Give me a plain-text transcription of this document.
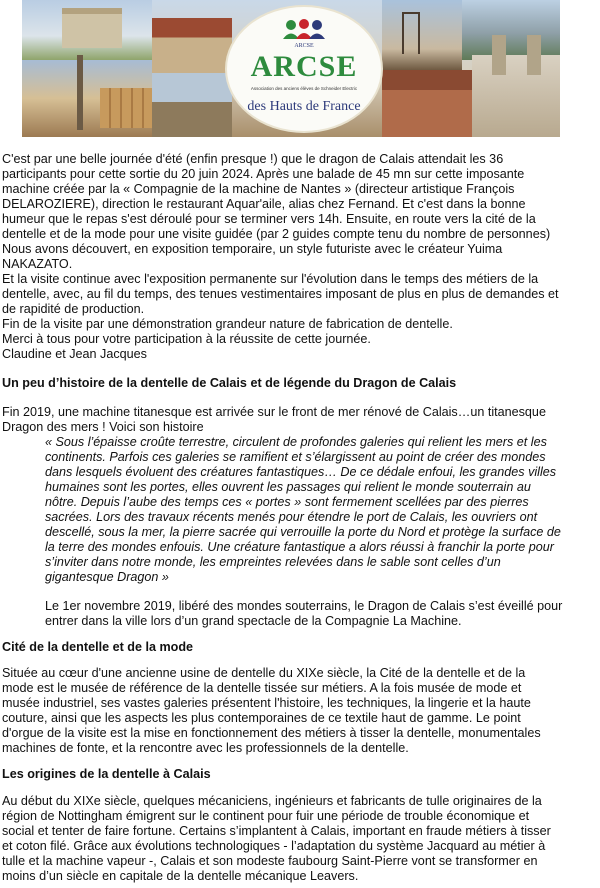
ARCSE
ARCSE
Association des anciens élèves de Schneider Electric
des Hauts de France
C'est par une belle journée d'été (enfin presque !) que le dragon de Calais attendait les 36
participants pour cette sortie du 20 juin 2024. Après une balade de 45 mn sur cette imposante
machine créée par la « Compagnie de la machine de Nantes » (directeur artistique François
DELAROZIERE), direction le restaurant Aquar'aile, alias chez Fernand. Et c'est dans la bonne
humeur que le repas s'est déroulé pour se terminer vers 14h. Ensuite, en route vers la cité de la
dentelle et de la mode pour une visite guidée (par 2 guides compte tenu du nombre de personnes)
Nous avons découvert, en exposition temporaire, un style futuriste avec le créateur Yuima
NAKAZATO.
Et la visite continue avec l'exposition permanente sur l'évolution dans le temps des métiers de la
dentelle, avec, au fil du temps, des tenues vestimentaires imposant de plus en plus de demandes et
de rapidité de production.
Fin de la visite par une démonstration grandeur nature de fabrication de dentelle.
Merci à tous pour votre participation à la réussite de cette journée.
Claudine et Jean Jacques
Un peu d’histoire de la dentelle de Calais et de légende du Dragon de Calais
Fin 2019, une machine titanesque est arrivée sur le front de mer rénové de Calais…un titanesque
Dragon des mers ! Voici son histoire
« Sous l’épaisse croûte terrestre, circulent de profondes galeries qui relient les mers et les
continents. Parfois ces galeries se ramifient et s’élargissent au point de créer des mondes
dans lesquels évoluent des créatures fantastiques… De ce dédale enfoui, les grandes villes
humaines sont les portes, elles ouvrent les passages qui relient le monde souterrain au
nôtre. Depuis l’aube des temps ces « portes » sont fermement scellées par des pierres
sacrées. Lors des travaux récents menés pour étendre le port de Calais, les ouvriers ont
descellé, sous la mer, la pierre sacrée qui verrouille la porte du Nord et protège la surface de
la terre des mondes enfouis. Une créature fantastique a alors réussi à franchir la porte pour
s’inviter dans notre monde, les empreintes relevées dans le sable sont celles d’un
gigantesque Dragon »
Le 1er novembre 2019, libéré des mondes souterrains, le Dragon de Calais s’est éveillé pour
entrer dans la ville lors d’un grand spectacle de la Compagnie La Machine.
Cité de la dentelle et de la mode
Située au cœur d'une ancienne usine de dentelle du XIXe siècle, la Cité de la dentelle et de la
mode est le musée de référence de la dentelle tissée sur métiers. A la fois musée de mode et
musée industriel, ses vastes galeries présentent l'histoire, les techniques, la lingerie et la haute
couture, ainsi que les aspects les plus contemporaines de ce textile haut de gamme. Le point
d'orgue de la visite est la mise en fonctionnement des métiers à tisser la dentelle, monumentales
machines de fonte, et la rencontre avec les professionnels de la dentelle.
Les origines de la dentelle à Calais
Au début du XIXe siècle, quelques mécaniciens, ingénieurs et fabricants de tulle originaires de la
région de Nottingham émigrent sur le continent pour fuir une période de trouble économique et
social et tenter de faire fortune. Certains s’implantent à Calais, important en fraude métiers à tisser
et coton filé. Grâce aux évolutions technologiques - l’adaptation du système Jacquard au métier à
tulle et la machine vapeur -, Calais et son modeste faubourg Saint-Pierre vont se transformer en
moins d’un siècle en capitale de la dentelle mécanique Leavers.
